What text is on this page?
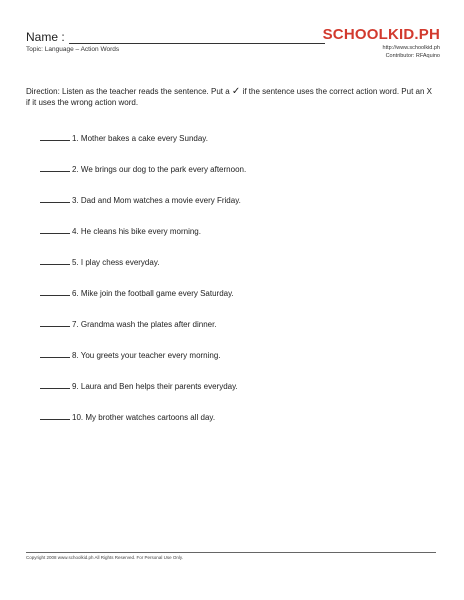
Name :
Topic: Language – Action Words
SCHOOLKID.PH
http://www.schoolkid.ph
Contributor: RFAquino
Direction: Listen as the teacher reads the sentence. Put a ✓ if the sentence uses the correct action word. Put an X if it uses the wrong action word.
1. Mother bakes a cake every Sunday.
2. We brings our dog to the park every afternoon.
3. Dad and Mom watches a movie every Friday.
4. He cleans his bike every morning.
5. I play chess everyday.
6. Mike join the football game every Saturday.
7. Grandma wash the plates after dinner.
8. You greets your teacher every morning.
9. Laura and Ben helps their parents everyday.
10. My brother watches cartoons all day.
Copyright 2008 www.schoolkid.ph All Rights Reserved. For Personal Use Only.
